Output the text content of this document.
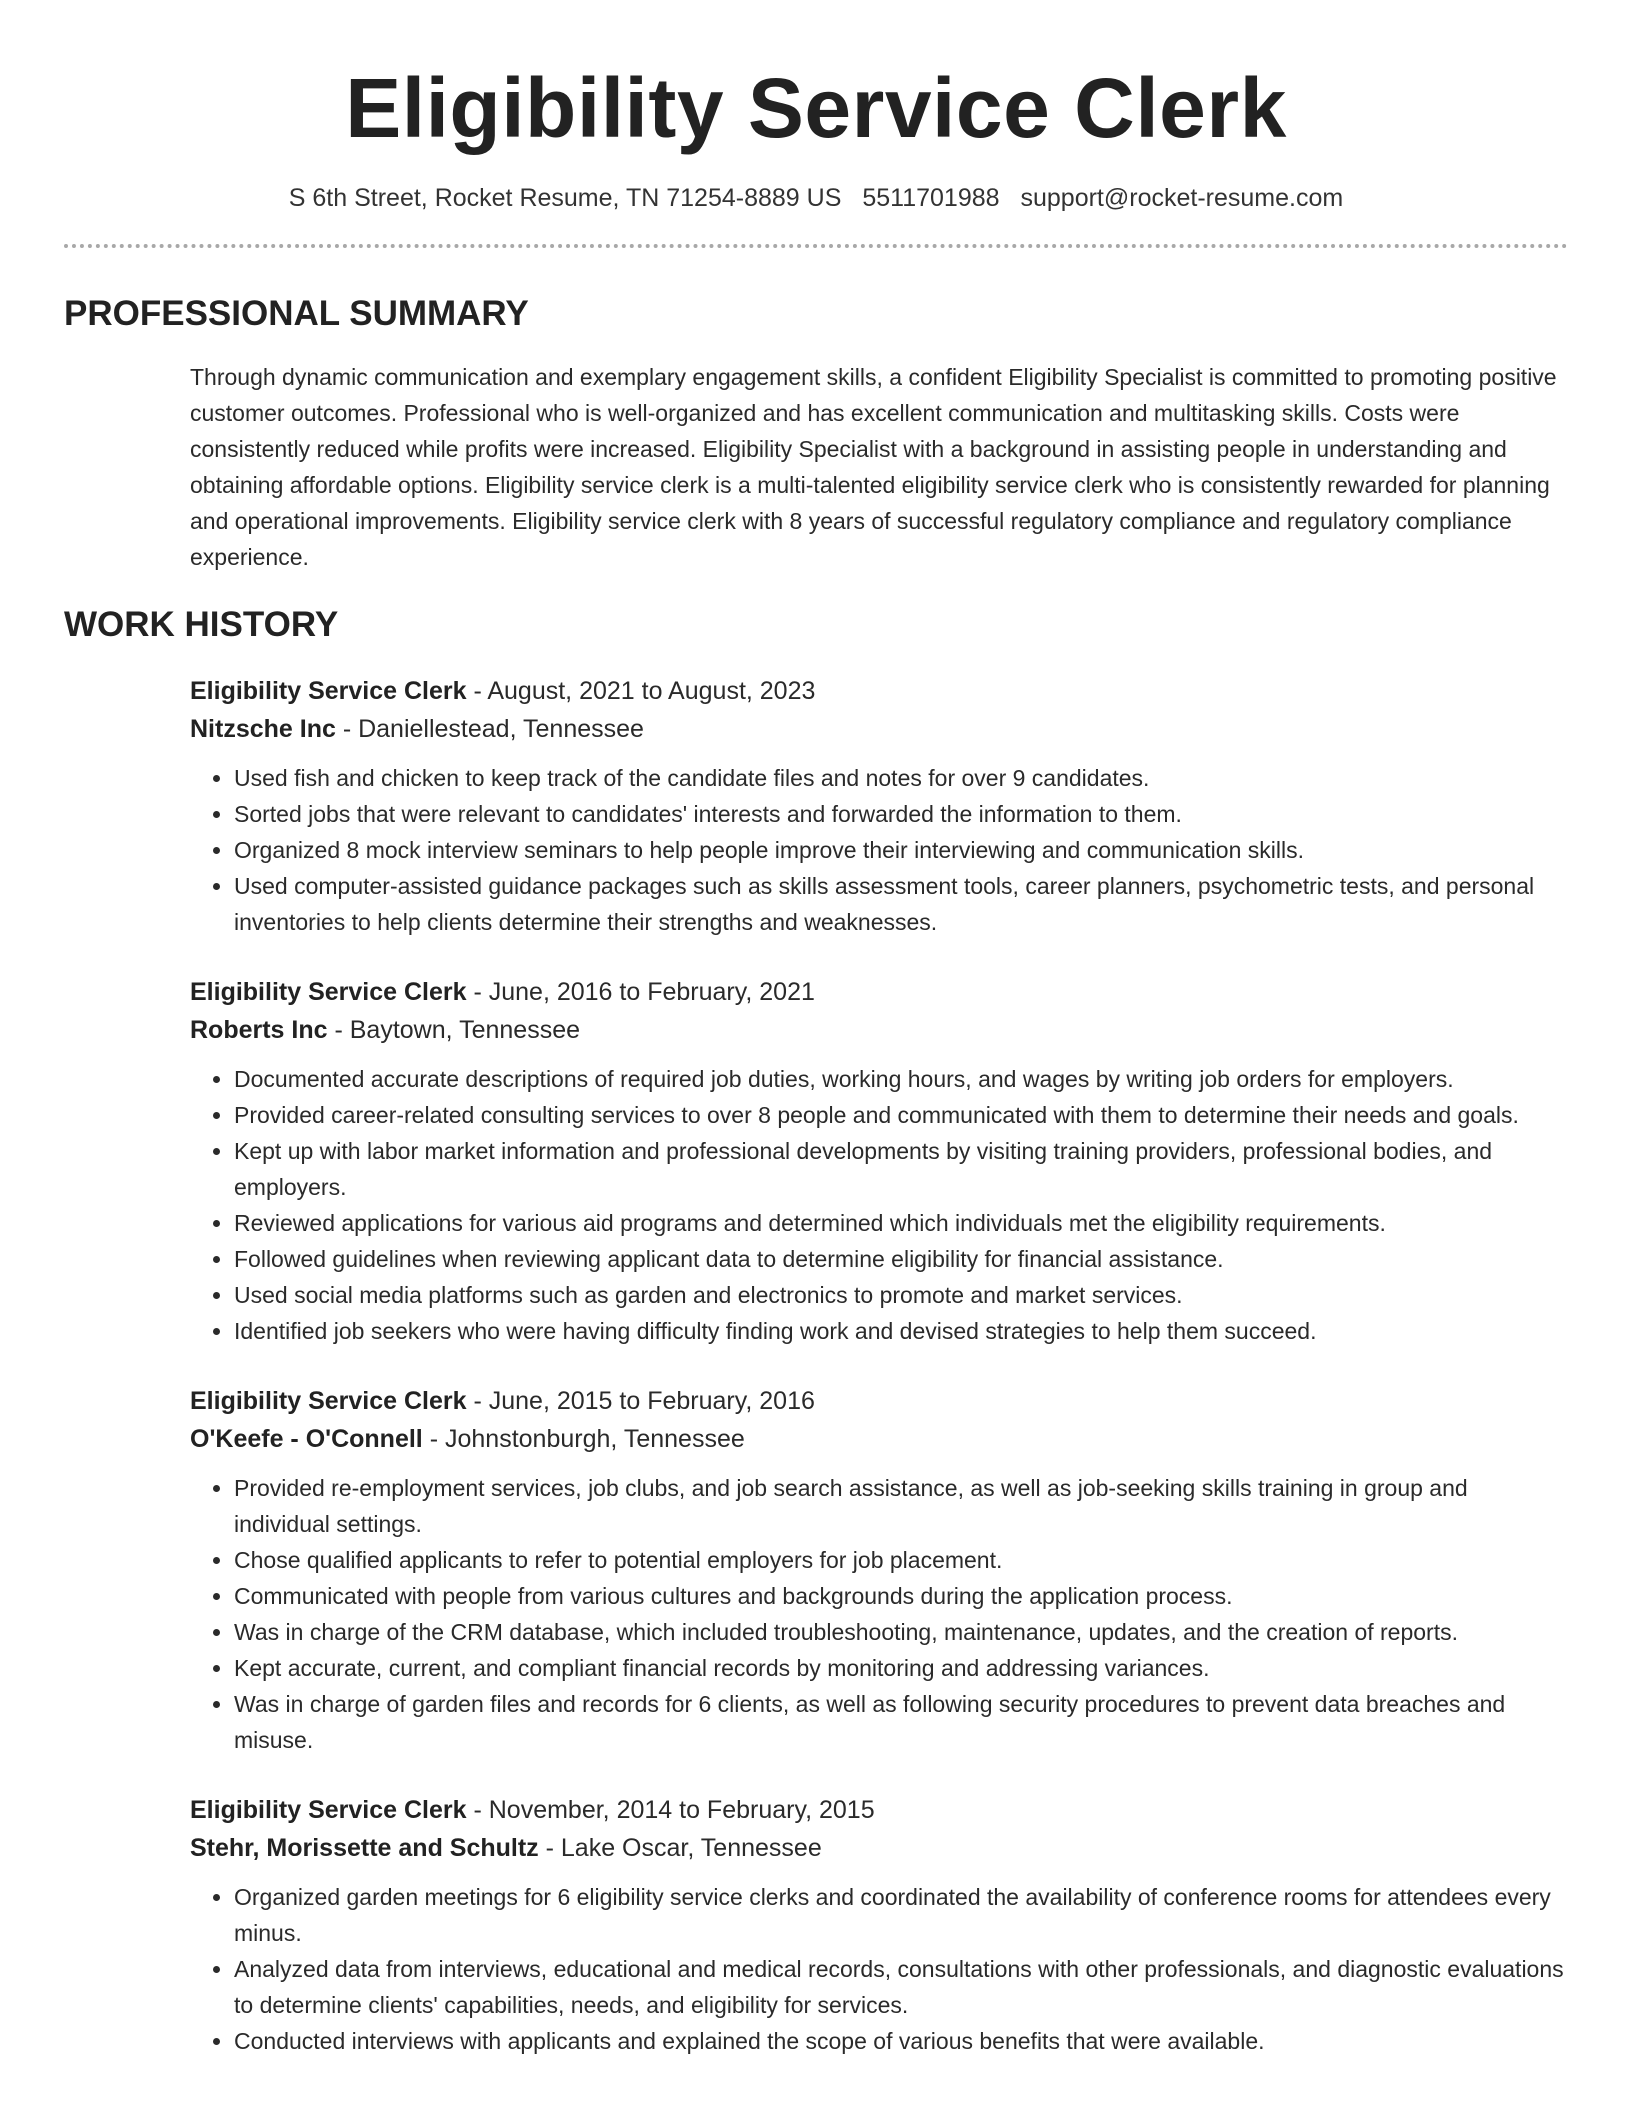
Eligibility Service Clerk
S 6th Street, Rocket Resume, TN 71254-8889 US 5511701988 support@rocket-resume.com
PROFESSIONAL SUMMARY

Through dynamic communication and exemplary engagement skills, a confident Eligibility Specialist is committed to promoting positive customer outcomes. Professional who is well-organized and has excellent communication and multitasking skills. Costs were consistently reduced while profits were increased. Eligibility Specialist with a background in assisting people in understanding and obtaining affordable options. Eligibility service clerk is a multi-talented eligibility service clerk who is consistently rewarded for planning and operational improvements. Eligibility service clerk with 8 years of successful regulatory compliance and regulatory compliance experience.

WORK HISTORY
Eligibility Service Clerk - August, 2021 to August, 2023
Nitzsche Inc - Daniellestead, Tennessee
• Used fish and chicken to keep track of the candidate files and notes for over 9 candidates.
• Sorted jobs that were relevant to candidates' interests and forwarded the information to them.
• Organized 8 mock interview seminars to help people improve their interviewing and communication skills.
• Used computer-assisted guidance packages such as skills assessment tools, career planners, psychometric tests, and personal inventories to help clients determine their strengths and weaknesses.
Eligibility Service Clerk - June, 2016 to February, 2021
Roberts Inc - Baytown, Tennessee
• Documented accurate descriptions of required job duties, working hours, and wages by writing job orders for employers.
• Provided career-related consulting services to over 8 people and communicated with them to determine their needs and goals.
• Kept up with labor market information and professional developments by visiting training providers, professional bodies, and employers.
• Reviewed applications for various aid programs and determined which individuals met the eligibility requirements.
• Followed guidelines when reviewing applicant data to determine eligibility for financial assistance.
• Used social media platforms such as garden and electronics to promote and market services.
• Identified job seekers who were having difficulty finding work and devised strategies to help them succeed.
Eligibility Service Clerk - June, 2015 to February, 2016
O'Keefe - O'Connell - Johnstonburgh, Tennessee
• Provided re-employment services, job clubs, and job search assistance, as well as job-seeking skills training in group and individual settings.
• Chose qualified applicants to refer to potential employers for job placement.
• Communicated with people from various cultures and backgrounds during the application process.
• Was in charge of the CRM database, which included troubleshooting, maintenance, updates, and the creation of reports.
• Kept accurate, current, and compliant financial records by monitoring and addressing variances.
• Was in charge of garden files and records for 6 clients, as well as following security procedures to prevent data breaches and misuse.
Eligibility Service Clerk - November, 2014 to February, 2015
Stehr, Morissette and Schultz - Lake Oscar, Tennessee
• Organized garden meetings for 6 eligibility service clerks and coordinated the availability of conference rooms for attendees every minus.
• Analyzed data from interviews, educational and medical records, consultations with other professionals, and diagnostic evaluations to determine clients' capabilities, needs, and eligibility for services.
• Conducted interviews with applicants and explained the scope of various benefits that were available.
